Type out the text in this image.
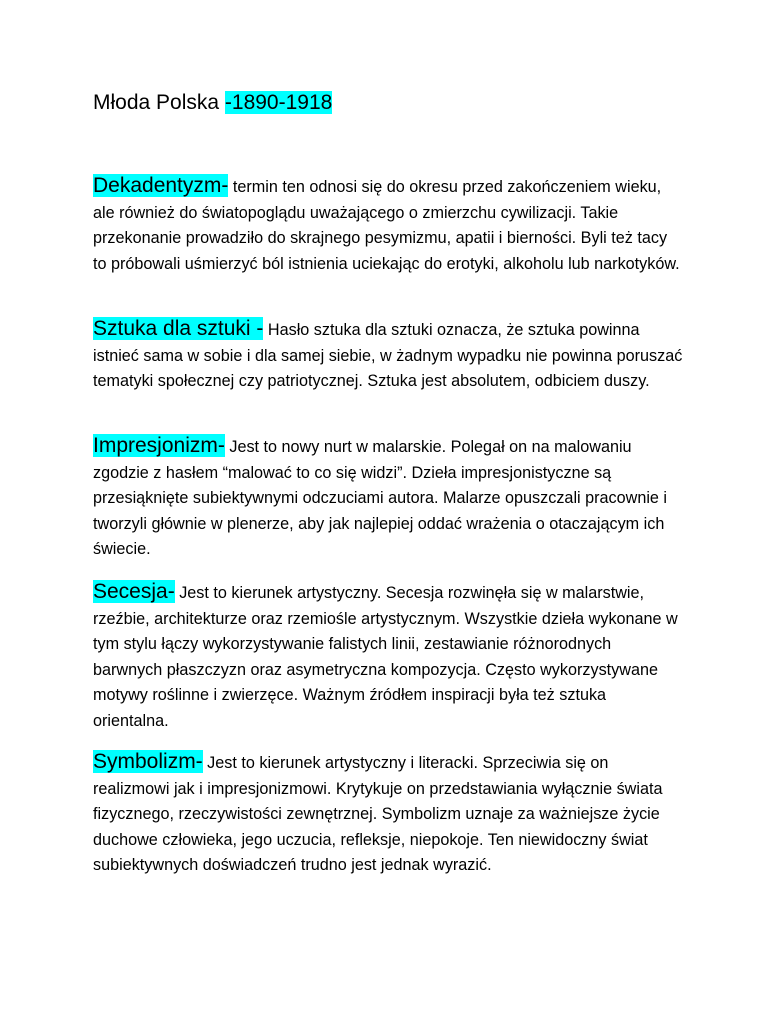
Młoda Polska -1890-1918
Dekadentyzm- termin ten odnosi się do okresu przed zakończeniem wieku, ale również do światopoglądu uważającego o zmierzchu cywilizacji. Takie przekonanie prowadziło do skrajnego pesymizmu, apatii i bierności. Byli też tacy to próbowali uśmierzyć ból istnienia uciekając do erotyki, alkoholu lub narkotyków.
Sztuka dla sztuki - Hasło sztuka dla sztuki oznacza, że sztuka powinna istnieć sama w sobie i dla samej siebie, w żadnym wypadku nie powinna poruszać tematyki społecznej czy patriotycznej. Sztuka jest absolutem, odbiciem duszy.
Impresjonizm- Jest to nowy nurt w malarskie. Polegał on na malowaniu zgodzie z hasłem “malować to co się widzi”. Dzieła impresjonistyczne są przesiąknięte subiektywnymi odczuciami autora. Malarze opuszczali pracownie i tworzyli głównie w plenerze, aby jak najlepiej oddać wrażenia o otaczającym ich świecie.
Secesja- Jest to kierunek artystyczny. Secesja rozwinęła się w malarstwie, rzeźbie, architekturze oraz rzemiośle artystycznym. Wszystkie dzieła wykonane w tym stylu łączy wykorzystywanie falistych linii, zestawianie różnorodnych barwnych płaszczyzn oraz asymetryczna kompozycja. Często wykorzystywane motywy roślinne i zwierzęce. Ważnym źródłem inspiracji była też sztuka orientalna.
Symbolizm- Jest to kierunek artystyczny i literacki. Sprzeciwia się on realizmowi jak i impresjonizmowi. Krytykuje on przedstawiania wyłącznie świata fizycznego, rzeczywistości zewnętrznej. Symbolizm uznaje za ważniejsze życie duchowe człowieka, jego uczucia, refleksje, niepokoje. Ten niewidoczny świat subiektywnych doświadczeń trudno jest jednak wyrazić.
